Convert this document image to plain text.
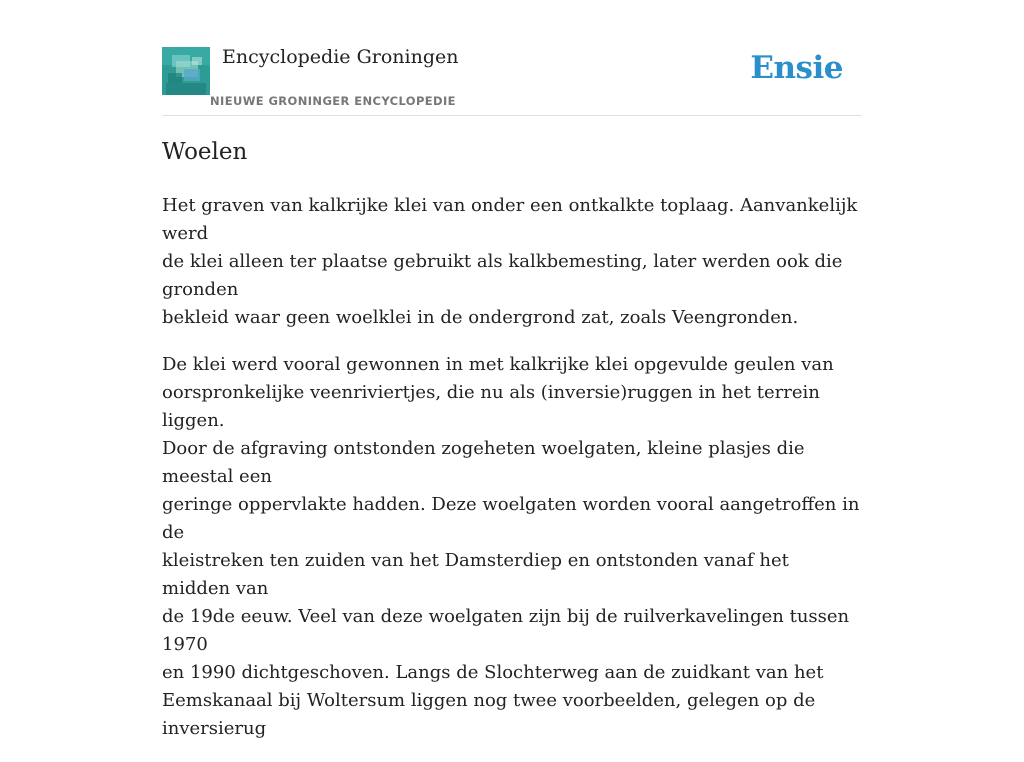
Encyclopedie Groningen
NIEUWE GRONINGER ENCYCLOPEDIE
Ensie
Woelen

Het graven van kalkrijke klei van onder een ontkalkte toplaag. Aanvankelijk werd
de klei alleen ter plaatse gebruikt als kalkbemesting, later werden ook die gronden
bekleid waar geen woelklei in de ondergrond zat, zoals Veengronden.

De klei werd vooral gewonnen in met kalkrijke klei opgevulde geulen van
oorspronkelijke veenriviertjes, die nu als (inversie)ruggen in het terrein liggen.
Door de afgraving ontstonden zogeheten woelgaten, kleine plasjes die meestal een
geringe oppervlakte hadden. Deze woelgaten worden vooral aangetroffen in de
kleistreken ten zuiden van het Damsterdiep en ontstonden vanaf het midden van
de 19de eeuw. Veel van deze woelgaten zijn bij de ruilverkavelingen tussen 1970
en 1990 dichtgeschoven. Langs de Slochterweg aan de zuidkant van het
Eemskanaal bij Woltersum liggen nog twee voorbeelden, gelegen op de inversierug
